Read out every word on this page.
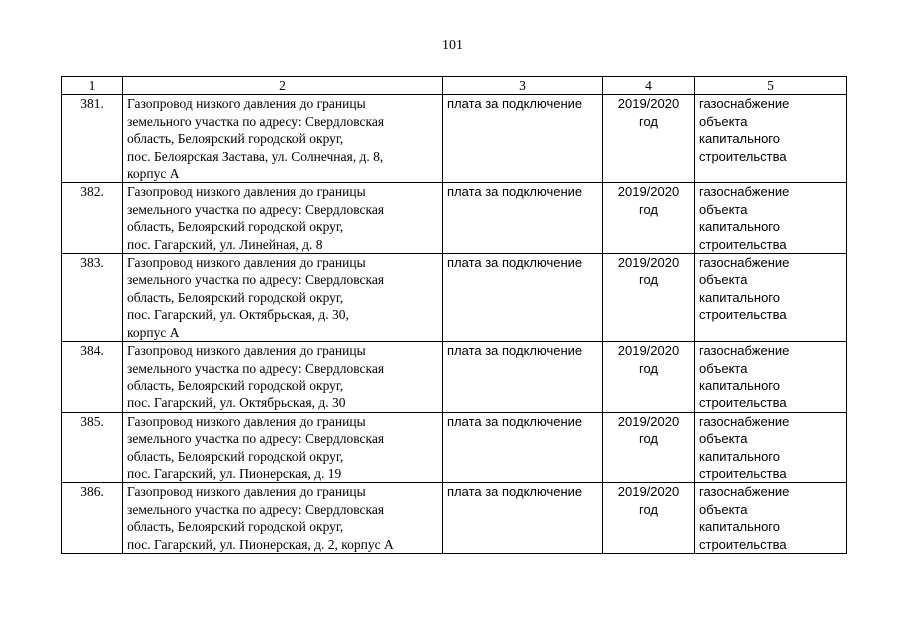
101
1	2	3	4	5
381.	Газопровод низкого давления до границы
земельного участка по адресу: Свердловская
область, Белоярский городской округ,
пос. Белоярская Застава, ул. Солнечная, д. 8,
корпус А	плата за подключение	2019/2020
год	газоснабжение
объекта
капитального
строительства

382.	Газопровод низкого давления до границы
земельного участка по адресу: Свердловская
область, Белоярский городской округ,
пос. Гагарский, ул. Линейная, д. 8	плата за подключение	2019/2020
год	газоснабжение
объекта
капитального
строительства

383.	Газопровод низкого давления до границы
земельного участка по адресу: Свердловская
область, Белоярский городской округ,
пос. Гагарский, ул. Октябрьская, д. 30,
корпус А	плата за подключение	2019/2020
год	газоснабжение
объекта
капитального
строительства

384.	Газопровод низкого давления до границы
земельного участка по адресу: Свердловская
область, Белоярский городской округ,
пос. Гагарский, ул. Октябрьская, д. 30	плата за подключение	2019/2020
год	газоснабжение
объекта
капитального
строительства

385.	Газопровод низкого давления до границы
земельного участка по адресу: Свердловская
область, Белоярский городской округ,
пос. Гагарский, ул. Пионерская, д. 19	плата за подключение	2019/2020
год	газоснабжение
объекта
капитального
строительства

386.	Газопровод низкого давления до границы
земельного участка по адресу: Свердловская
область, Белоярский городской округ,
пос. Гагарский, ул. Пионерская, д. 2, корпус А	плата за подключение	2019/2020
год	газоснабжение
объекта
капитального
строительства
